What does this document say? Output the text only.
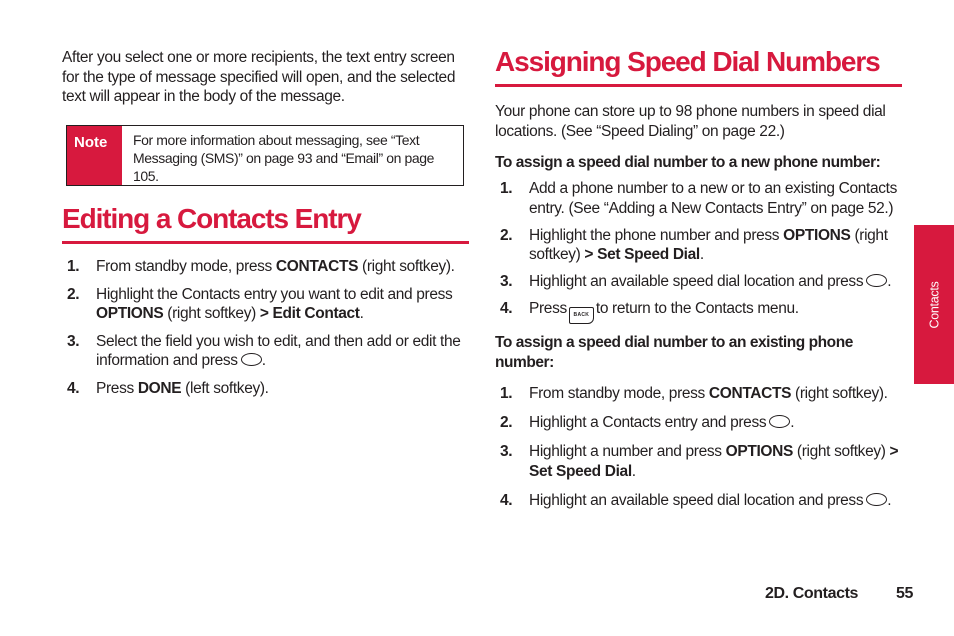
After you select one or more recipients, the text entry screen for the type of message specified will open, and the selected text will appear in the body of the message.

Note	For more information about messaging, see “Text Messaging (SMS)” on page 93 and “Email” on page 105.
Editing a Contacts Entry
1.	From standby mode, press CONTACTS (right softkey).
2.	Highlight the Contacts entry you want to edit and press OPTIONS (right softkey) > Edit Contact.
3.	Select the field you wish to edit, and then add or edit the information and press .
4.	Press DONE (left softkey).
Assigning Speed Dial Numbers

Your phone can store up to 98 phone numbers in speed dial locations. (See “Speed Dialing” on page 22.)

To assign a speed dial number to a new phone number:
1.	Add a phone number to a new or to an existing Contacts entry. (See “Adding a New Contacts Entry” on page 52.)
2.	Highlight the phone number and press OPTIONS (right softkey) > Set Speed Dial.
3.	Highlight an available speed dial location and press .
4.	Press BACK to return to the Contacts menu.
To assign a speed dial number to an existing phone number:
1.	From standby mode, press CONTACTS (right softkey).
2.	Highlight a Contacts entry and press .
3.	Highlight a number and press OPTIONS (right softkey) > Set Speed Dial.
4.	Highlight an available speed dial location and press .
Contacts
2D. Contacts 55
